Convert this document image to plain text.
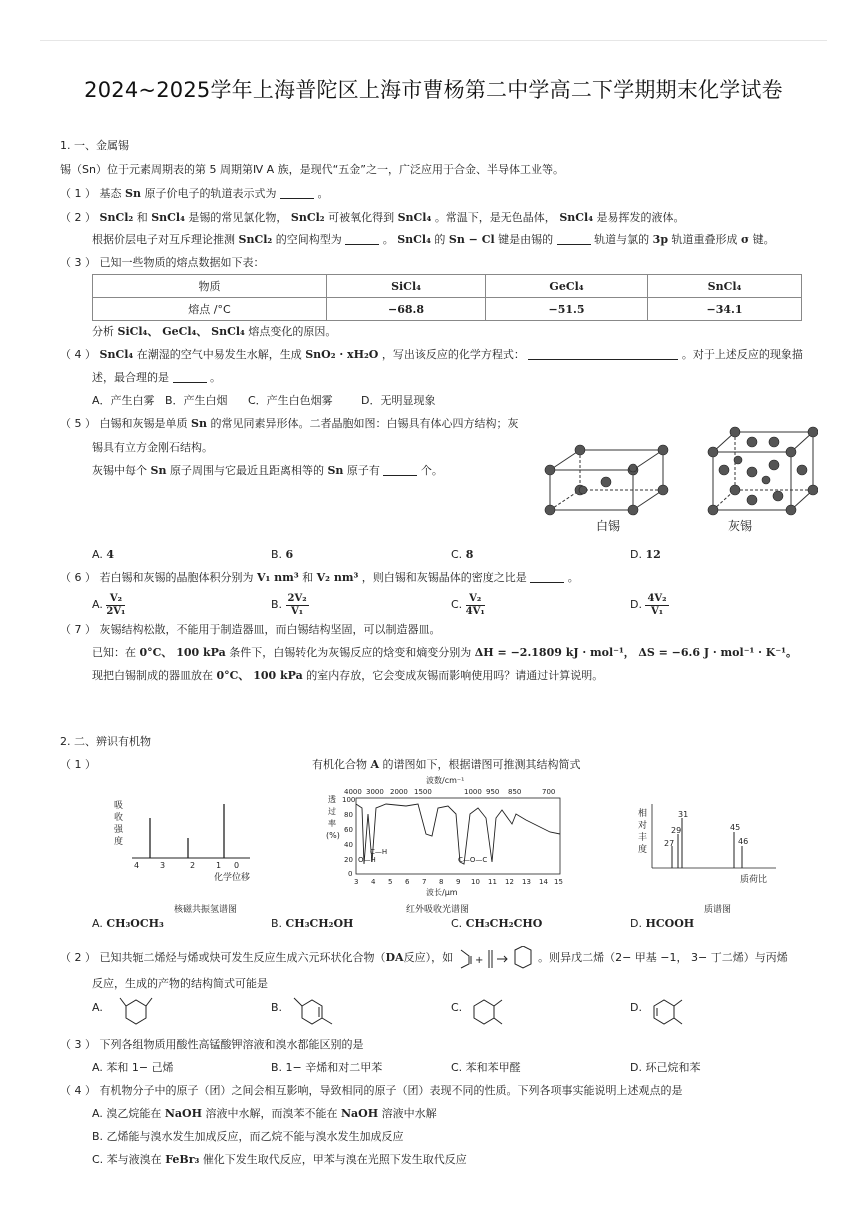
2024~2025学年上海普陀区上海市曹杨第二中学高二下学期期末化学试卷
1. 一、金属锡
锡（Sn）位于元素周期表的第 5 周期第Ⅳ A 族，是现代“五金”之一，广泛应用于合金、半导体工业等。
（ 1 ） 基态 Sn 原子价电子的轨道表示式为	。
（ 2 ） SnCl₂ 和 SnCl₄ 是锡的常见氯化物， SnCl₂ 可被氧化得到 SnCl₄ 。常温下，是无色晶体， SnCl₄ 是易挥发的液体。
根据价层电子对互斥理论推测 SnCl₂ 的空间构型为	。 SnCl₄ 的 Sn − Cl 键是由锡的	轨道与氯的 3p 轨道重叠形成 σ 键。
（ 3 ） 已知一些物质的熔点数据如下表：
物质	SiCl₄	GeCl₄	SnCl₄
熔点 /°C	−68.8	−51.5	−34.1
分析 SiCl₄、 GeCl₄、 SnCl₄ 熔点变化的原因。
（ 4 ） SnCl₄ 在潮湿的空气中易发生水解，生成 SnO₂ · xH₂O ，写出该反应的化学方程式：	。对于上述反应的现象描
述，最合理的是	。
A．产生白雾 B．产生白烟 C．产生白色烟雾	D．无明显现象
（ 5 ） 白锡和灰锡是单质 Sn 的常见同素异形体。二者晶胞如图：白锡具有体心四方结构；灰
锡具有立方金刚石结构。
灰锡中每个 Sn 原子周围与它最近且距离相等的 Sn 原子有	个。
白锡	灰锡
A. 4	B. 6	C. 8	D. 12
（ 6 ） 若白锡和灰锡的晶胞体积分别为 V₁ nm³ 和 V₂ nm³ ，则白锡和灰锡晶体的密度之比是	。
A. $\frac{\text{V₂}}{\text{2V₁}}$	B. $\frac{\text{2V₂}}{\text{V₁}}$	C. $\frac{\text{V₂}}{\text{4V₁}}$	D. $\frac{\text{4V₂}}{\text{V₁}}$
（ 7 ） 灰锡结构松散，不能用于制造器皿，而白锡结构坚固，可以制造器皿。
已知：在 0°C、 100 kPa 条件下，白锡转化为灰锡反应的焓变和熵变分别为 ΔH = −2.1809 kJ · mol⁻¹， ΔS = −6.6 J · mol⁻¹ · K⁻¹。
现把白锡制成的器皿放在 0°C、 100 kPa 的室内存放，它会变成灰锡而影响使用吗？请通过计算说明。
2. 二、辨识有机物
（ 1 ）	有机化合物 A 的谱图如下，根据谱图可推测其结构简式
吸
收
强
度
4	3	2	1 0
化学位移
核磁共振氢谱图
波数/cm⁻¹
4000 3000 2000 1500	1000 950 850	700
透
过
率
(%)
100
80
60
40
20
0
C—H
O—H	C—O—C
3 4 5 6 7 8 9 10 11 12 13 14 15
波长/μm
红外吸收光谱图
相
对
丰
度
27
29
31
45
46
质荷比
质谱图
A. CH₃OCH₃	B. CH₃CH₂OH	C. CH₃CH₂CHO	D. HCOOH
（ 2 ） 已知共轭二烯烃与烯或炔可发生反应生成六元环状化合物（DA反应），如 +	。则异戊二烯（2− 甲基 −1， 3− 丁二烯）与丙烯
反应，生成的产物的结构简式可能是
A.	B.	C.	D.
（ 3 ） 下列各组物质用酸性高锰酸钾溶液和溴水都能区别的是
A. 苯和 1− 己烯	B. 1− 辛烯和对二甲苯	C. 苯和苯甲醛	D. 环己烷和苯
（ 4 ） 有机物分子中的原子（团）之间会相互影响，导致相同的原子（团）表现不同的性质。下列各项事实能说明上述观点的是
A. 溴乙烷能在 NaOH 溶液中水解，而溴苯不能在 NaOH 溶液中水解
B. 乙烯能与溴水发生加成反应，而乙烷不能与溴水发生加成反应
C. 苯与液溴在 FeBr₃ 催化下发生取代反应，甲苯与溴在光照下发生取代反应
